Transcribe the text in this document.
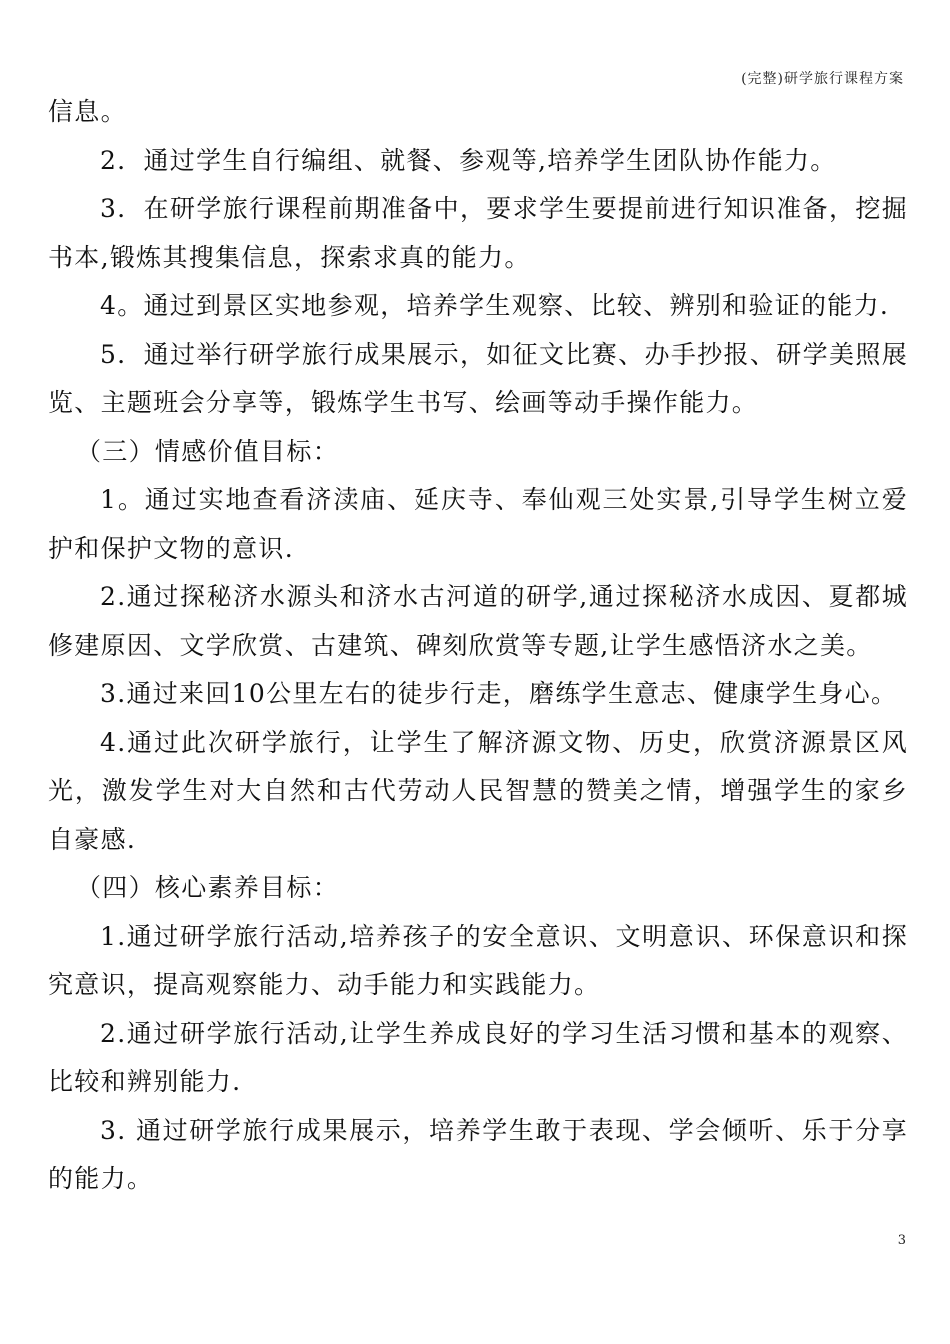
(完整)研学旅行课程方案

信息。

2．通过学生自行编组、就餐、参观等,培养学生团队协作能力。

3．在研学旅行课程前期准备中，要求学生要提前进行知识准备，挖掘书本,锻炼其搜集信息，探索求真的能力。

4。通过到景区实地参观，培养学生观察、比较、辨别和验证的能力.

5．通过举行研学旅行成果展示，如征文比赛、办手抄报、研学美照展览、主题班会分享等，锻炼学生书写、绘画等动手操作能力。

（三）情感价值目标：

1。通过实地查看济渎庙、延庆寺、奉仙观三处实景,引导学生树立爱护和保护文物的意识.

2.通过探秘济水源头和济水古河道的研学,通过探秘济水成因、夏都城修建原因、文学欣赏、古建筑、碑刻欣赏等专题,让学生感悟济水之美。

3.通过来回10公里左右的徒步行走，磨练学生意志、健康学生身心。

4.通过此次研学旅行，让学生了解济源文物、历史，欣赏济源景区风光，激发学生对大自然和古代劳动人民智慧的赞美之情，增强学生的家乡自豪感.

（四）核心素养目标：

1.通过研学旅行活动,培养孩子的安全意识、文明意识、环保意识和探究意识，提高观察能力、动手能力和实践能力。

2.通过研学旅行活动,让学生养成良好的学习生活习惯和基本的观察、比较和辨别能力.

3. 通过研学旅行成果展示，培养学生敢于表现、学会倾听、乐于分享的能力。

3
